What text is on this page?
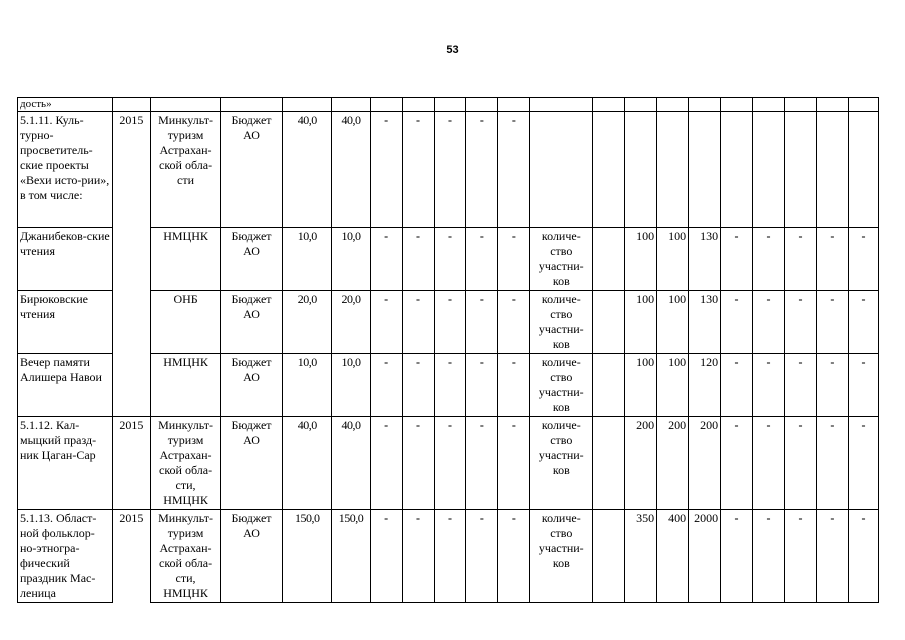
53
дость»																				
5.1.11. Куль-турно-просветитель-ские проекты «Вехи исто-рии», в том числе:	2015	Минкульт-туризм Астрахан-ской обла-сти	Бюджет АО	40,0	40,0	-	-	-	-	-										
Джанибеков-ские чтения		НМЦНК	Бюджет АО	10,0	10,0	-	-	-	-	-	количе-ство участни-ков		100	100	130	-	-	-	-	-
Бирюковские чтения		ОНБ	Бюджет АО	20,0	20,0	-	-	-	-	-	количе-ство участни-ков		100	100	130	-	-	-	-	-
Вечер памяти Алишера Навои		НМЦНК	Бюджет АО	10,0	10,0	-	-	-	-	-	количе-ство участни-ков		100	100	120	-	-	-	-	-
5.1.12. Кал-мыцкий празд-ник Цаган-Сар	2015	Минкульт-туризм Астрахан-ской обла-сти, НМЦНК	Бюджет АО	40,0	40,0	-	-	-	-	-	количе-ство участни-ков		200	200	200	-	-	-	-	-
5.1.13. Област-ной фольклор-но-этногра-фический праздник Мас-леница	2015	Минкульт-туризм Астрахан-ской обла-сти, НМЦНК	Бюджет АО	150,0	150,0	-	-	-	-	-	количе-ство участни-ков		350	400	2000	-	-	-	-	-
